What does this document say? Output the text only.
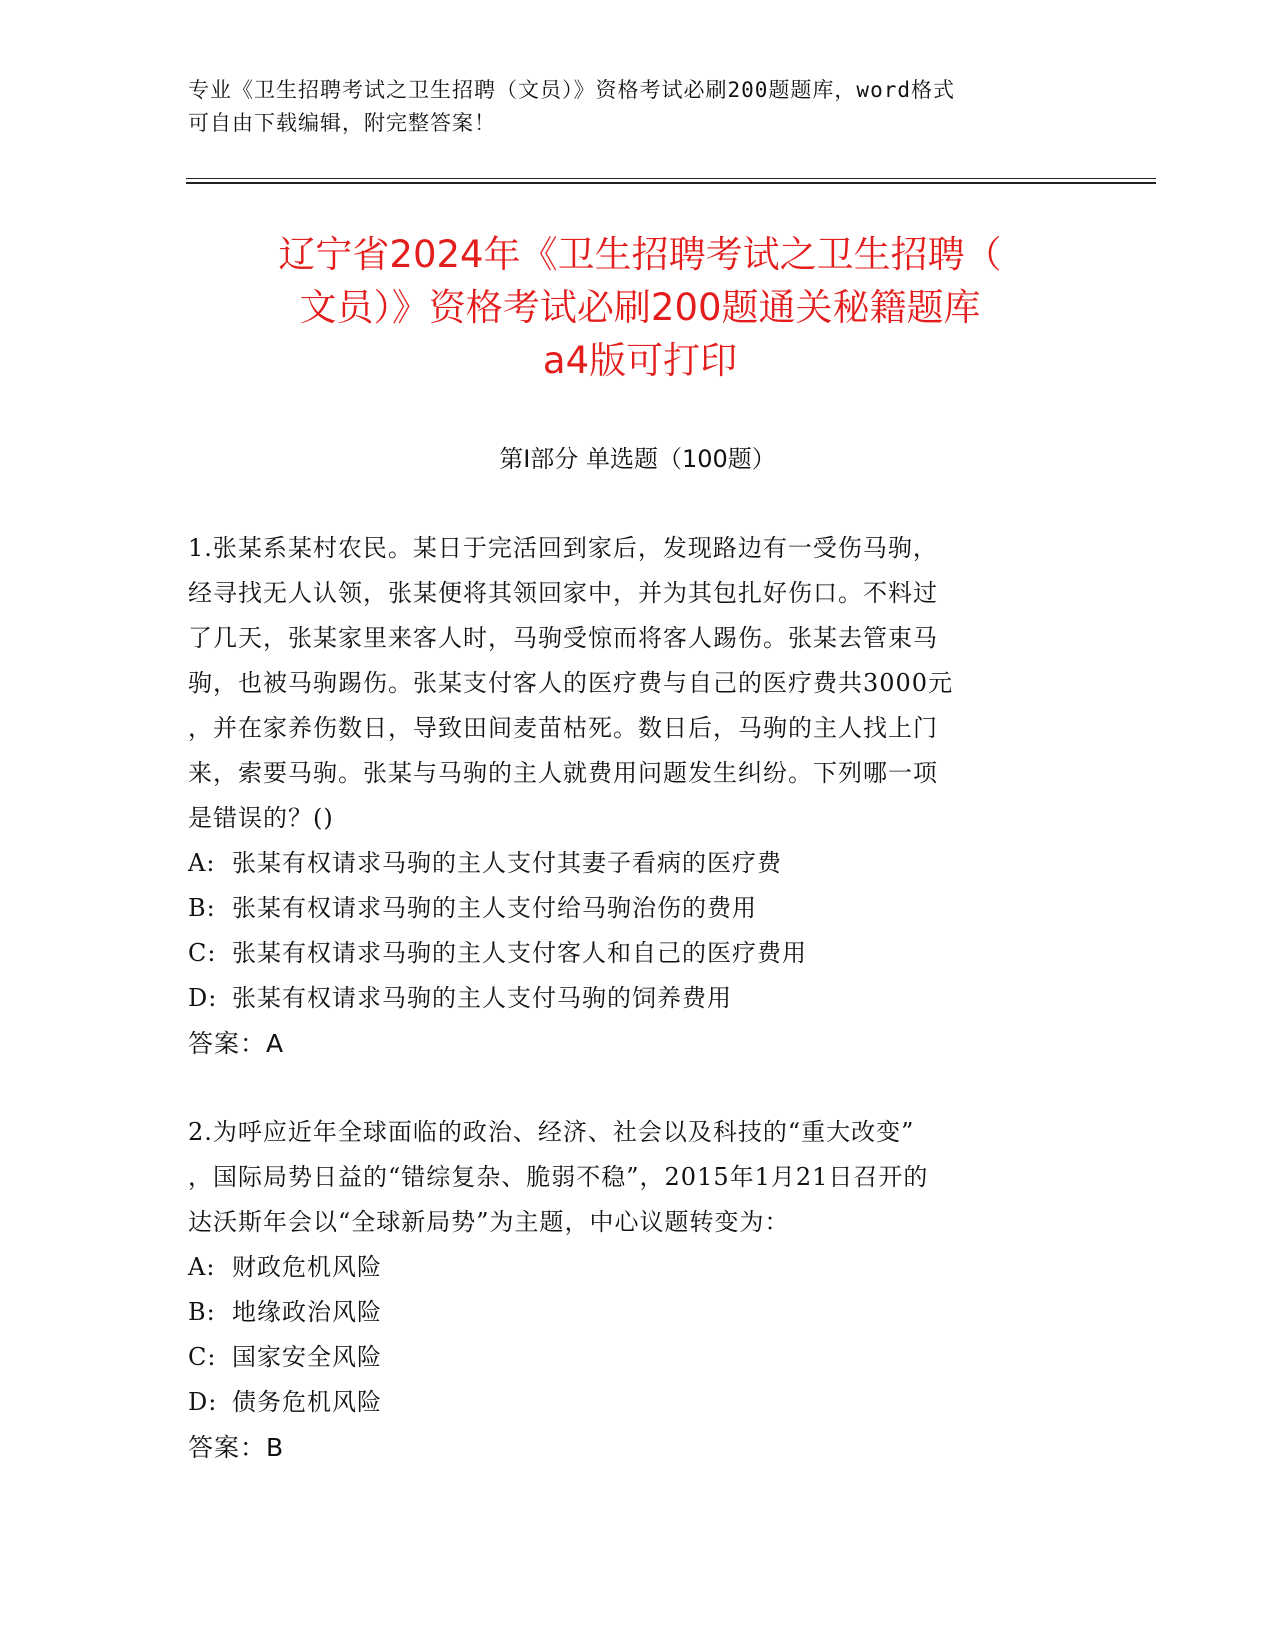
专业《卫生招聘考试之卫生招聘（文员）》资格考试必刷200题题库，word格式
可自由下载编辑，附完整答案！
辽宁省2024年《卫生招聘考试之卫生招聘（
文员）》资格考试必刷200题通关秘籍题库
a4版可打印
第Ⅰ部分 单选题（100题）

1.张某系某村农民。某日于完活回到家后，发现路边有一受伤马驹，

经寻找无人认领，张某便将其领回家中，并为其包扎好伤口。不料过

了几天，张某家里来客人时，马驹受惊而将客人踢伤。张某去管束马

驹，也被马驹踢伤。张某支付客人的医疗费与自己的医疗费共3000元

，并在家养伤数日，导致田间麦苗枯死。数日后，马驹的主人找上门

来，索要马驹。张某与马驹的主人就费用问题发生纠纷。下列哪一项

是错误的？()

A: 张某有权请求马驹的主人支付其妻子看病的医疗费

B: 张某有权请求马驹的主人支付给马驹治伤的费用

C: 张某有权请求马驹的主人支付客人和自己的医疗费用

D: 张某有权请求马驹的主人支付马驹的饲养费用

答案：A

2.为呼应近年全球面临的政治、经济、社会以及科技的“重大改变”

，国际局势日益的“错综复杂、脆弱不稳”，2015年1月21日召开的

达沃斯年会以“全球新局势”为主题，中心议题转变为：

A: 财政危机风险

B: 地缘政治风险

C: 国家安全风险

D: 债务危机风险

答案：B
